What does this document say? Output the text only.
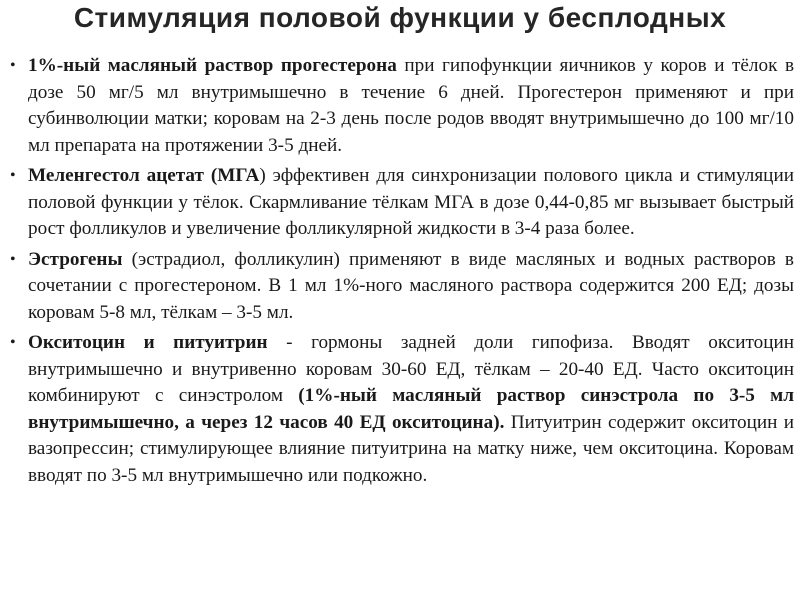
Стимуляция половой функции у бесплодных
• 1%-ный масляный раствор прогестерона при гипофункции яичников у коров и тёлок в дозе 50 мг/5 мл внутримышечно в течение 6 дней. Прогестерон применяют и при субинволюции матки; коровам на 2-3 день после родов вводят внутримышечно до 100 мг/10 мл препарата на протяжении 3-5 дней.
• Меленгестол ацетат (МГА) эффективен для синхронизации полового цикла и стимуляции половой функции у тёлок. Скармливание тёлкам МГА в дозе 0,44-0,85 мг вызывает быстрый рост фолликулов и увеличение фолликулярной жидкости в 3-4 раза более.
• Эстрогены (эстрадиол, фолликулин) применяют в виде масляных и водных растворов в сочетании с прогестероном. В 1 мл 1%-ного масляного раствора содержится 200 ЕД; дозы коровам 5-8 мл, тёлкам – 3-5 мл.
• Окситоцин и питуитрин - гормоны задней доли гипофиза. Вводят окситоцин внутримышечно и внутривенно коровам 30-60 ЕД, тёлкам – 20-40 ЕД. Часто окситоцин комбинируют с синэстролом (1%-ный масляный раствор синэстрола по 3-5 мл внутримышечно, а через 12 часов 40 ЕД окситоцина). Питуитрин содержит окситоцин и вазопрессин; стимулирующее влияние питуитрина на матку ниже, чем окситоцина. Коровам вводят по 3-5 мл внутримышечно или подкожно.
